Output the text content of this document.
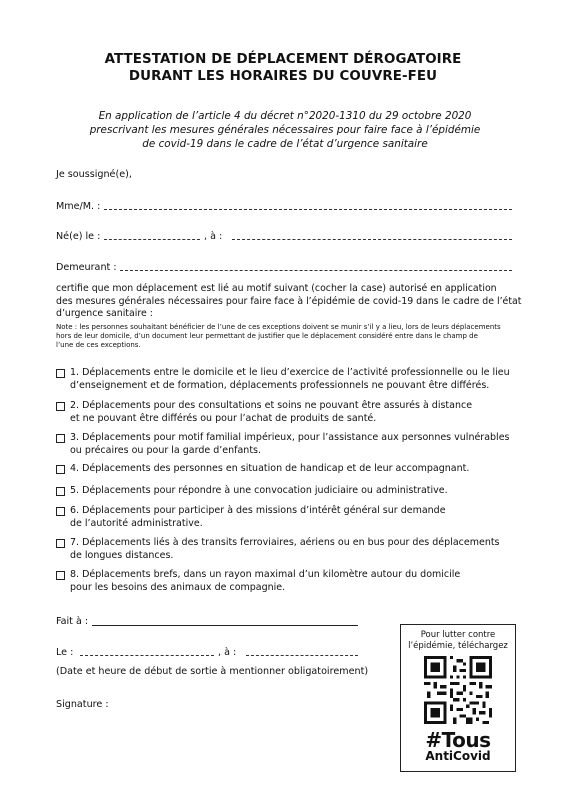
ATTESTATION DE DÉPLACEMENT DÉROGATOIRE
DURANT LES HORAIRES DU COUVRE-FEU
En application de l’article 4 du décret n°2020-1310 du 29 octobre 2020
prescrivant les mesures générales nécessaires pour faire face à l’épidémie
de covid-19 dans le cadre de l’état d’urgence sanitaire
Je soussigné(e),
Mme/M. :
Né(e) le :	, à :
Demeurant :
certifie que mon déplacement est lié au motif suivant (cocher la case) autorisé en application
des mesures générales nécessaires pour faire face à l’épidémie de covid-19 dans le cadre de l’état
d’urgence sanitaire :
Note : les personnes souhaitant bénéficier de l’une de ces exceptions doivent se munir s’il y a lieu, lors de leurs déplacements
hors de leur domicile, d’un document leur permettant de justifier que le déplacement considéré entre dans le champ de
l’une de ces exceptions.
1. Déplacements entre le domicile et le lieu d’exercice de l’activité professionnelle ou le lieu
d’enseignement et de formation, déplacements professionnels ne pouvant être différés.
2. Déplacements pour des consultations et soins ne pouvant être assurés à distance
et ne pouvant être différés ou pour l’achat de produits de santé.
3. Déplacements pour motif familial impérieux, pour l’assistance aux personnes vulnérables
ou précaires ou pour la garde d’enfants.
4. Déplacements des personnes en situation de handicap et de leur accompagnant.
5. Déplacements pour répondre à une convocation judiciaire ou administrative.
6. Déplacements pour participer à des missions d’intérêt général sur demande
de l’autorité administrative.
7. Déplacements liés à des transits ferroviaires, aériens ou en bus pour des déplacements
de longues distances.
8. Déplacements brefs, dans un rayon maximal d’un kilomètre autour du domicile
pour les besoins des animaux de compagnie.
Fait à :
Le :	, à :
(Date et heure de début de sortie à mentionner obligatoirement)
Signature :
Pour lutter contre
l’épidémie, téléchargez
#Tous
AntiCovid
